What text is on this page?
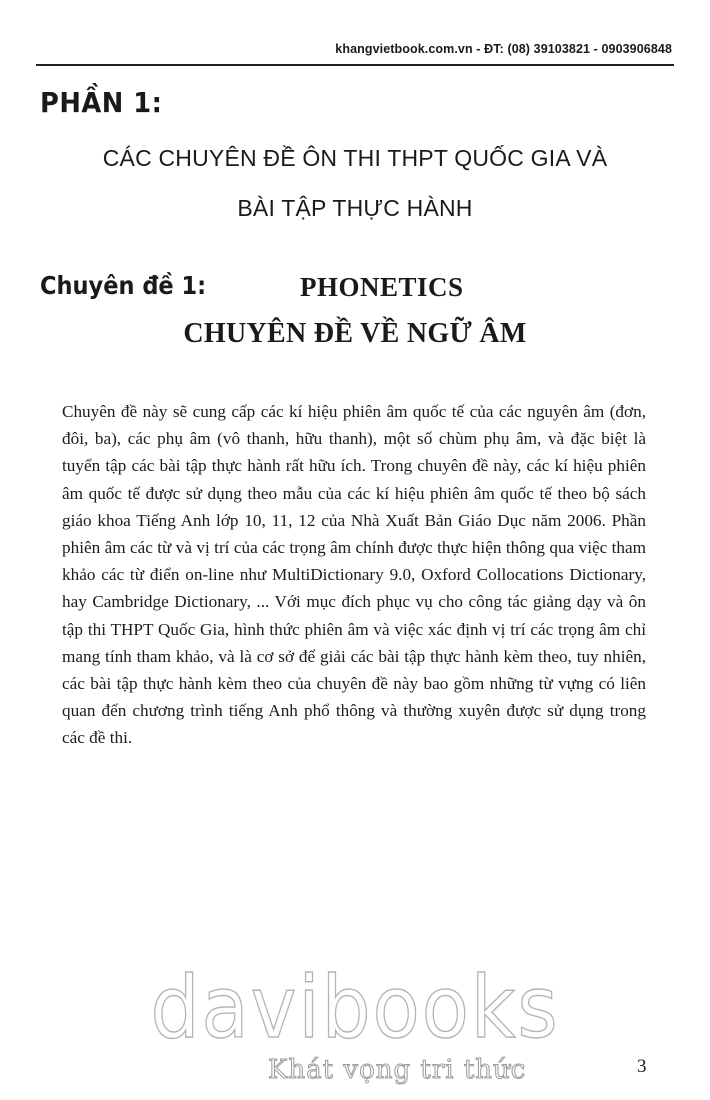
khangvietbook.com.vn - ĐT: (08) 39103821 - 0903906848
PHẦN 1:
CÁC CHUYÊN ĐỀ ÔN THI THPT QUỐC GIA VÀ
BÀI TẬP THỰC HÀNH
Chuyên đề 1:	PHONETICS
CHUYÊN ĐỀ VỀ NGỮ ÂM

Chuyên đề này sẽ cung cấp các kí hiệu phiên âm quốc tế của các nguyên âm (đơn, đôi, ba), các phụ âm (vô thanh, hữu thanh), một số chùm phụ âm, và đặc biệt là tuyển tập các bài tập thực hành rất hữu ích. Trong chuyên đề này, các kí hiệu phiên âm quốc tế được sử dụng theo mẫu của các kí hiệu phiên âm quốc tế theo bộ sách giáo khoa Tiếng Anh lớp 10, 11, 12 của Nhà Xuất Bản Giáo Dục năm 2006. Phần phiên âm các từ và vị trí của các trọng âm chính được thực hiện thông qua việc tham khảo các từ điển on-line như MultiDictionary 9.0, Oxford Collocations Dictionary, hay Cambridge Dictionary, ... Với mục đích phục vụ cho công tác giảng dạy và ôn tập thi THPT Quốc Gia, hình thức phiên âm và việc xác định vị trí các trọng âm chỉ mang tính tham khảo, và là cơ sở để giải các bài tập thực hành kèm theo, tuy nhiên, các bài tập thực hành kèm theo của chuyên đề này bao gồm những từ vựng có liên quan đến chương trình tiếng Anh phổ thông và thường xuyên được sử dụng trong các đề thi.

davibooks
Khát vọng tri thức	3
